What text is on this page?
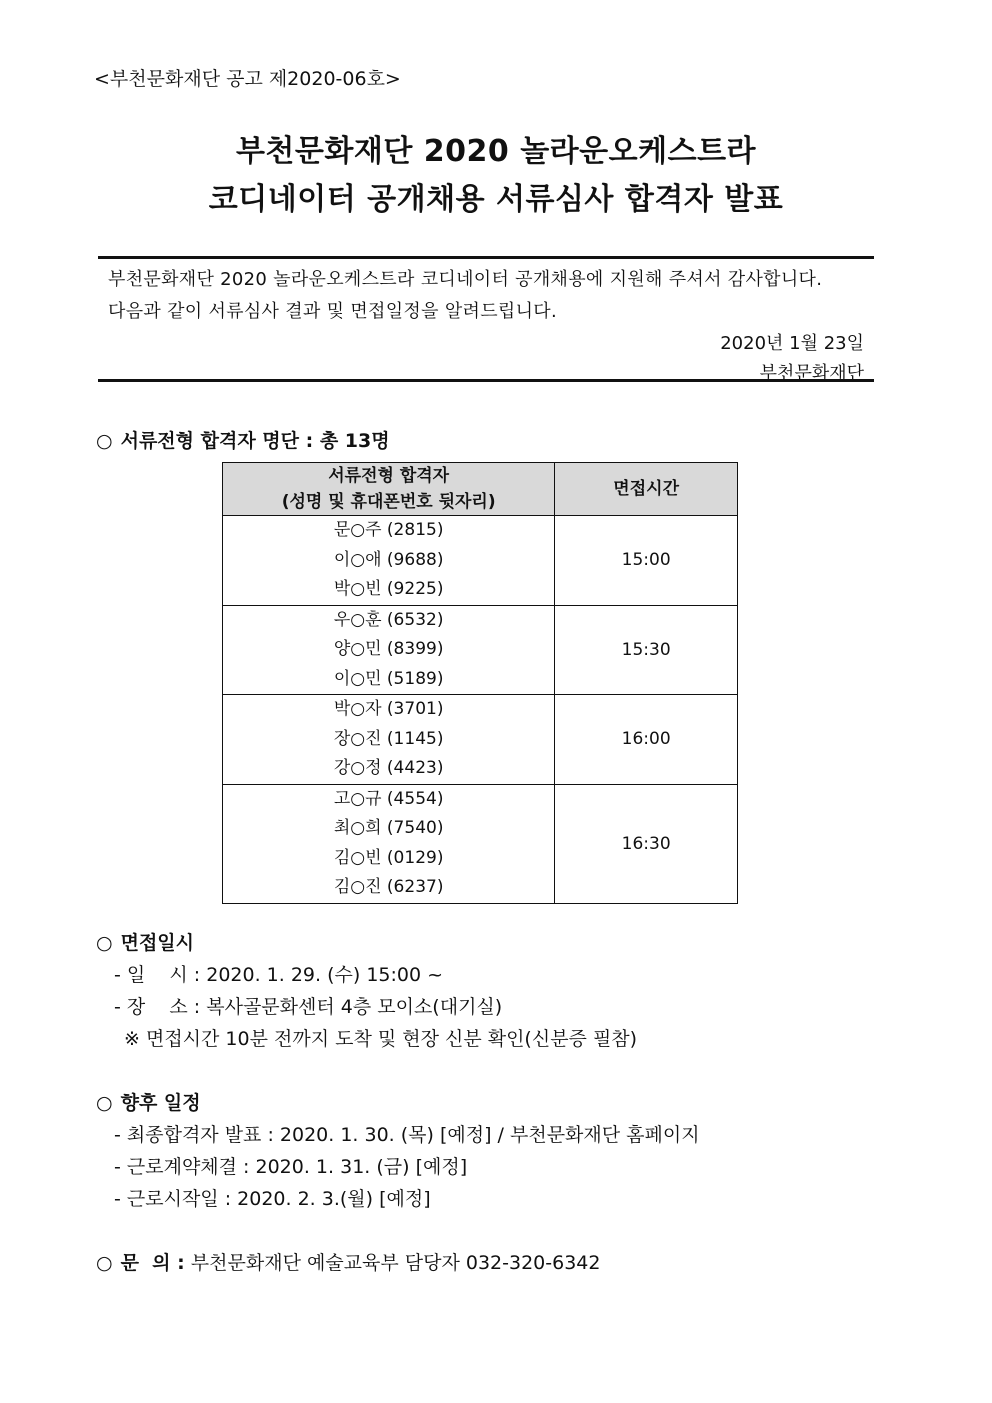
<부천문화재단 공고 제2020-06호>
부천문화재단 2020 놀라운오케스트라
코디네이터 공개채용 서류심사 합격자 발표
부천문화재단 2020 놀라운오케스트라 코디네이터 공개채용에 지원해 주셔서 감사합니다.
다음과 같이 서류심사 결과 및 면접일정을 알려드립니다.
2020년 1월 23일
부천문화재단
○ 서류전형 합격자 명단 : 총 13명
서류전형 합격자
(성명 및 휴대폰번호 뒷자리)	면접시간

문○주 (2815)
이○애 (9688)
박○빈 (9225)	15:00

우○훈 (6532)
양○민 (8399)
이○민 (5189)	15:30

박○자 (3701)
장○진 (1145)
강○정 (4423)	16:00

고○규 (4554)
최○희 (7540)
김○빈 (0129)
김○진 (6237)	16:30
○ 면접일시
- 일    시 : 2020. 1. 29. (수) 15:00 ~
- 장    소 : 복사골문화센터 4층 모이소(대기실)
※ 면접시간 10분 전까지 도착 및 현장 신분 확인(신분증 필참)
○ 향후 일정
- 최종합격자 발표 : 2020. 1. 30. (목) [예정] / 부천문화재단 홈페이지
- 근로계약체결 : 2020. 1. 31. (금) [예정]
- 근로시작일 : 2020. 2. 3.(월) [예정]
○ 문  의 : 부천문화재단 예술교육부 담당자 032-320-6342
